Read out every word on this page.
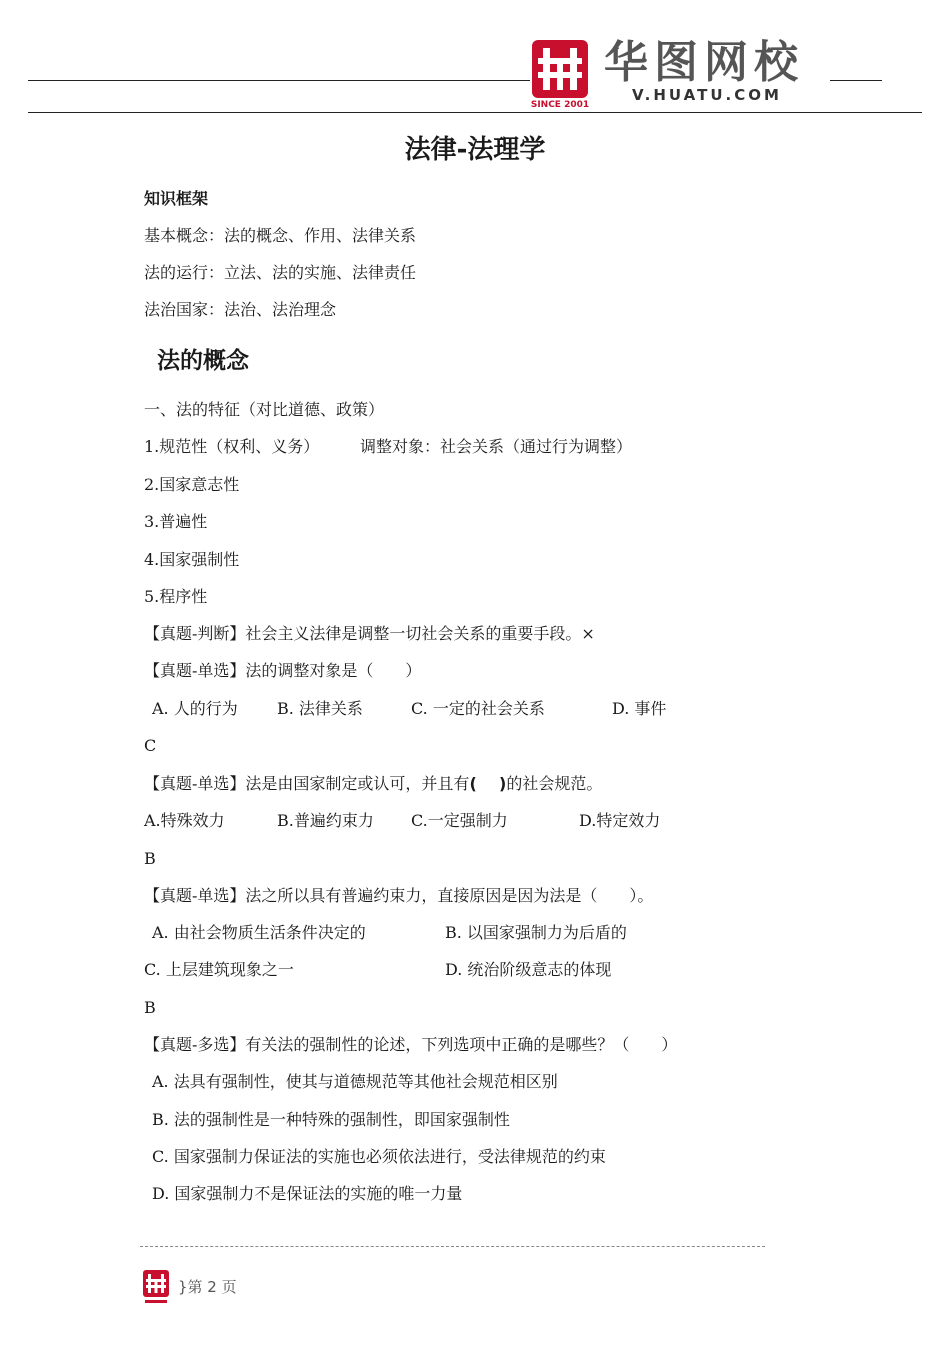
SINCE 2001
华图网校
V.HUATU.COM
法律-法理学
知识框架
基本概念：法的概念、作用、法律关系
法的运行：立法、法的实施、法律责任
法治国家：法治、法治理念
法的概念
一、法的特征（对比道德、政策）
1.规范性（权利、义务）        调整对象：社会关系（通过行为调整）
2.国家意志性
3.普遍性
4.国家强制性
5.程序性
【真题-判断】社会主义法律是调整一切社会关系的重要手段。×
【真题-单选】法的调整对象是（　　）
A. 人的行为 B. 法律关系	C. 一定的社会关系	D. 事件
C
【真题-单选】法是由国家制定或认可，并且有(    )的社会规范。
A.特殊效力	B.普遍约束力 C.一定强制力	D.特定效力
B
【真题-单选】法之所以具有普遍约束力，直接原因是因为法是（　　）。
A. 由社会物质生活条件决定的	B. 以国家强制力为后盾的
C. 上层建筑现象之一	D. 统治阶级意志的体现
B
【真题-多选】有关法的强制性的论述，下列选项中正确的是哪些？（　　）
A. 法具有强制性，使其与道德规范等其他社会规范相区别
B. 法的强制性是一种特殊的强制性，即国家强制性
C. 国家强制力保证法的实施也必须依法进行，受法律规范的约束
D. 国家强制力不是保证法的实施的唯一力量
}第 2 页
